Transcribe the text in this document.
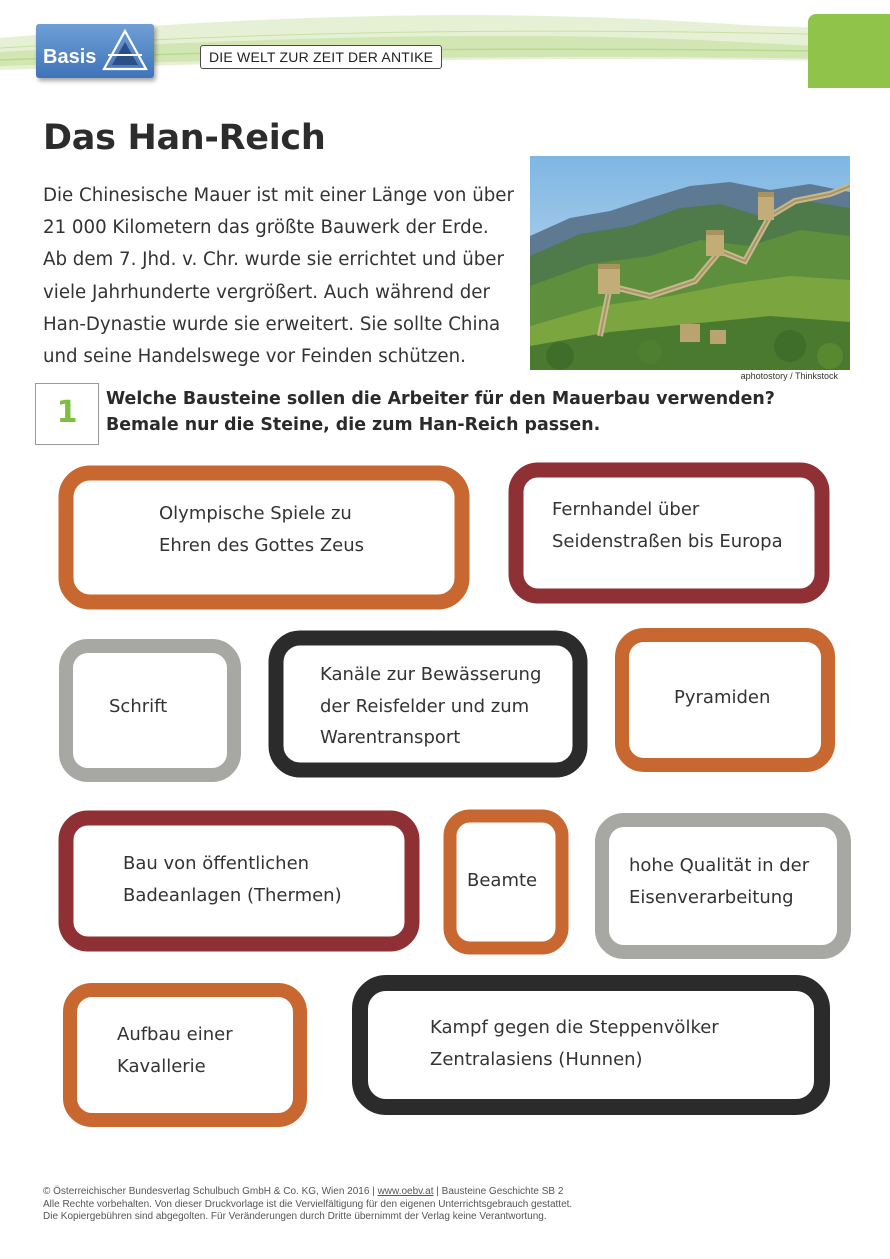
Basis	DIE WELT ZUR ZEIT DER ANTIKE
Das Han-Reich
Die Chinesische Mauer ist mit einer Länge von über
21 000 Kilometern das größte Bauwerk der Erde.
Ab dem 7. Jhd. v. Chr. wurde sie errichtet und über
viele Jahrhunderte vergrößert. Auch während der
Han-Dynastie wurde sie erweitert. Sie sollte China
und seine Handelswege vor Feinden schützen.
aphotostory / Thinkstock
1	Welche Bausteine sollen die Arbeiter für den Mauerbau verwenden?
Bemale nur die Steine, die zum Han-Reich passen.
Olympische Spiele zu
Ehren des Gottes Zeus
Fernhandel über
Seidenstraßen bis Europa
Schrift
Kanäle zur Bewässerung
der Reisfelder und zum
Warentransport
Pyramiden
Bau von öffentlichen
Badeanlagen (Thermen)
Beamte
hohe Qualität in der
Eisenverarbeitung
Aufbau einer
Kavallerie
Kampf gegen die Steppenvölker
Zentralasiens (Hunnen)
© Österreichischer Bundesverlag Schulbuch GmbH & Co. KG, Wien 2016 | www.oebv.at | Bausteine Geschichte SB 2
Alle Rechte vorbehalten. Von dieser Druckvorlage ist die Vervielfältigung für den eigenen Unterrichtsgebrauch gestattet.
Die Kopiergebühren sind abgegolten. Für Veränderungen durch Dritte übernimmt der Verlag keine Verantwortung.
